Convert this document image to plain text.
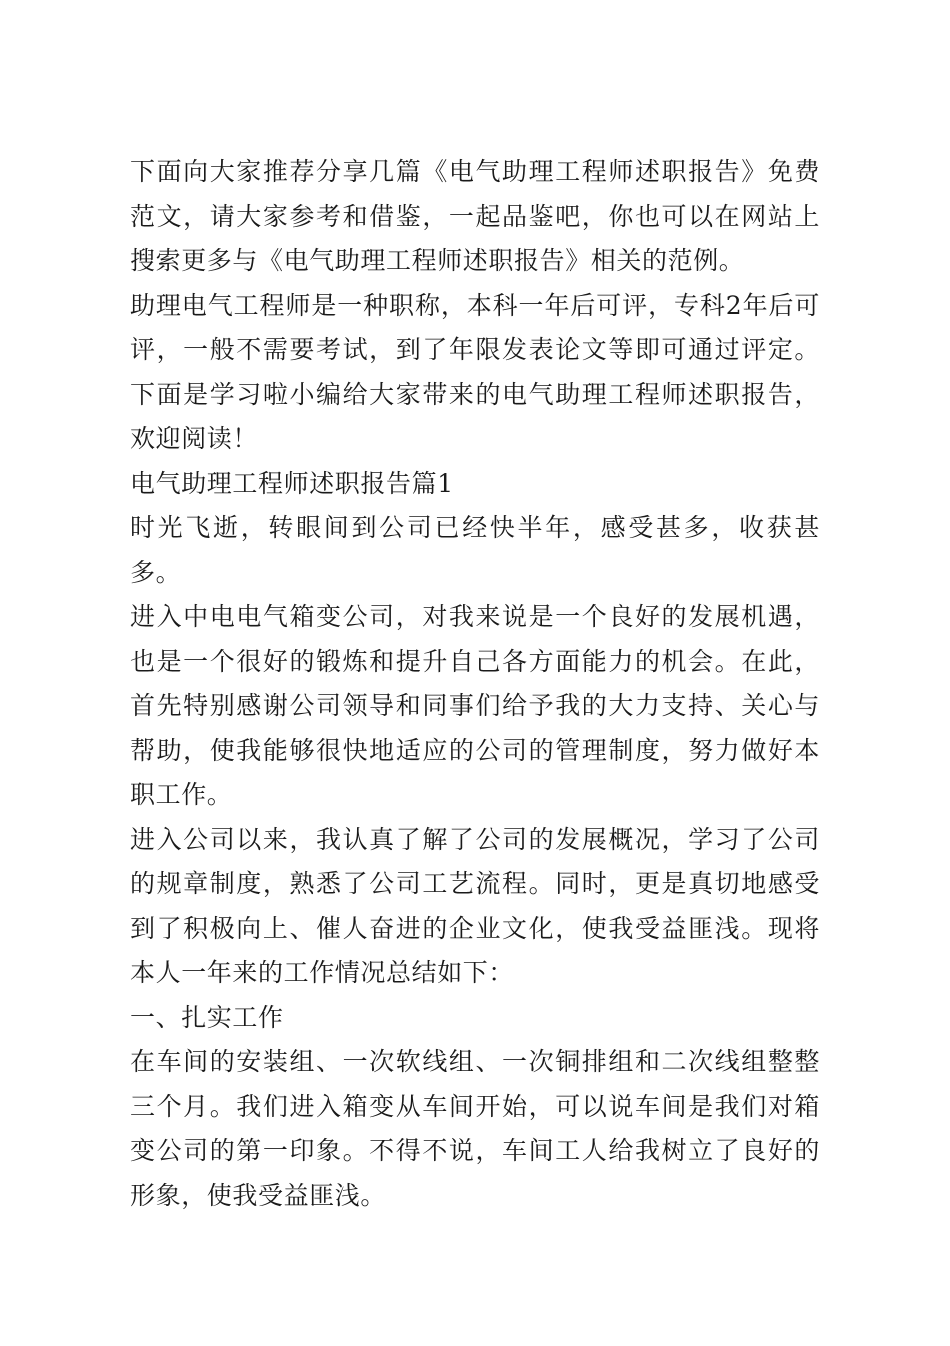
下面向大家推荐分享几篇《电气助理工程师述职报告》免费范文，请大家参考和借鉴，一起品鉴吧，你也可以在网站上搜索更多与《电气助理工程师述职报告》相关的范例。

助理电气工程师是一种职称，本科一年后可评，专科2年后可评，一般不需要考试，到了年限发表论文等即可通过评定。下面是学习啦小编给大家带来的电气助理工程师述职报告，欢迎阅读！

电气助理工程师述职报告篇1

时光飞逝，转眼间到公司已经快半年，感受甚多，收获甚多。

进入中电电气箱变公司，对我来说是一个良好的发展机遇，也是一个很好的锻炼和提升自己各方面能力的机会。在此，首先特别感谢公司领导和同事们给予我的大力支持、关心与帮助，使我能够很快地适应的公司的管理制度，努力做好本职工作。

进入公司以来，我认真了解了公司的发展概况，学习了公司的规章制度，熟悉了公司工艺流程。同时，更是真切地感受到了积极向上、催人奋进的企业文化，使我受益匪浅。现将本人一年来的工作情况总结如下：

一、扎实工作

在车间的安装组、一次软线组、一次铜排组和二次线组整整三个月。我们进入箱变从车间开始，可以说车间是我们对箱变公司的第一印象。不得不说，车间工人给我树立了良好的形象，使我受益匪浅。
